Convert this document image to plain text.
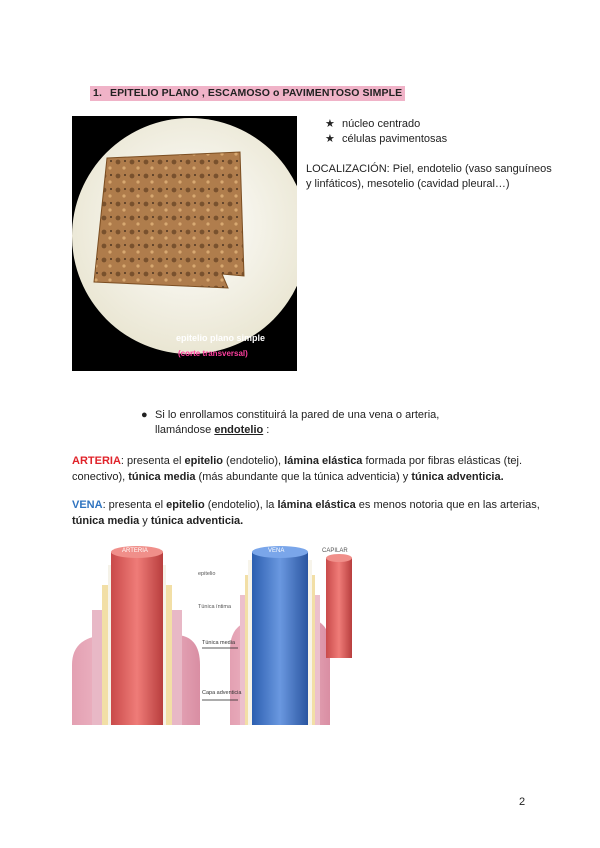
1. EPITELIO PLANO , ESCAMOSO o PAVIMENTOSO SIMPLE
epitelio plano simple
(corte transversal)
★ núcleo centrado
★ células pavimentosas
LOCALIZACIÓN: Piel, endotelio (vaso sanguíneos y linfáticos), mesotelio (cavidad pleural…)
● Si lo enrollamos constituirá la pared de una vena o arteria, llamándose endotelio :
ARTERIA: presenta el epitelio (endotelio), lámina elástica formada por fibras elásticas (tej. conectivo), túnica media (más abundante que la túnica adventicia) y túnica adventicia.
VENA: presenta el epitelio (endotelio), la lámina elástica es menos notoria que en las arterias, túnica media y túnica adventicia.
ARTERIA	VENA	CAPILAR
epitelio
Túnica íntima
Túnica media
Capa adventicia
2
